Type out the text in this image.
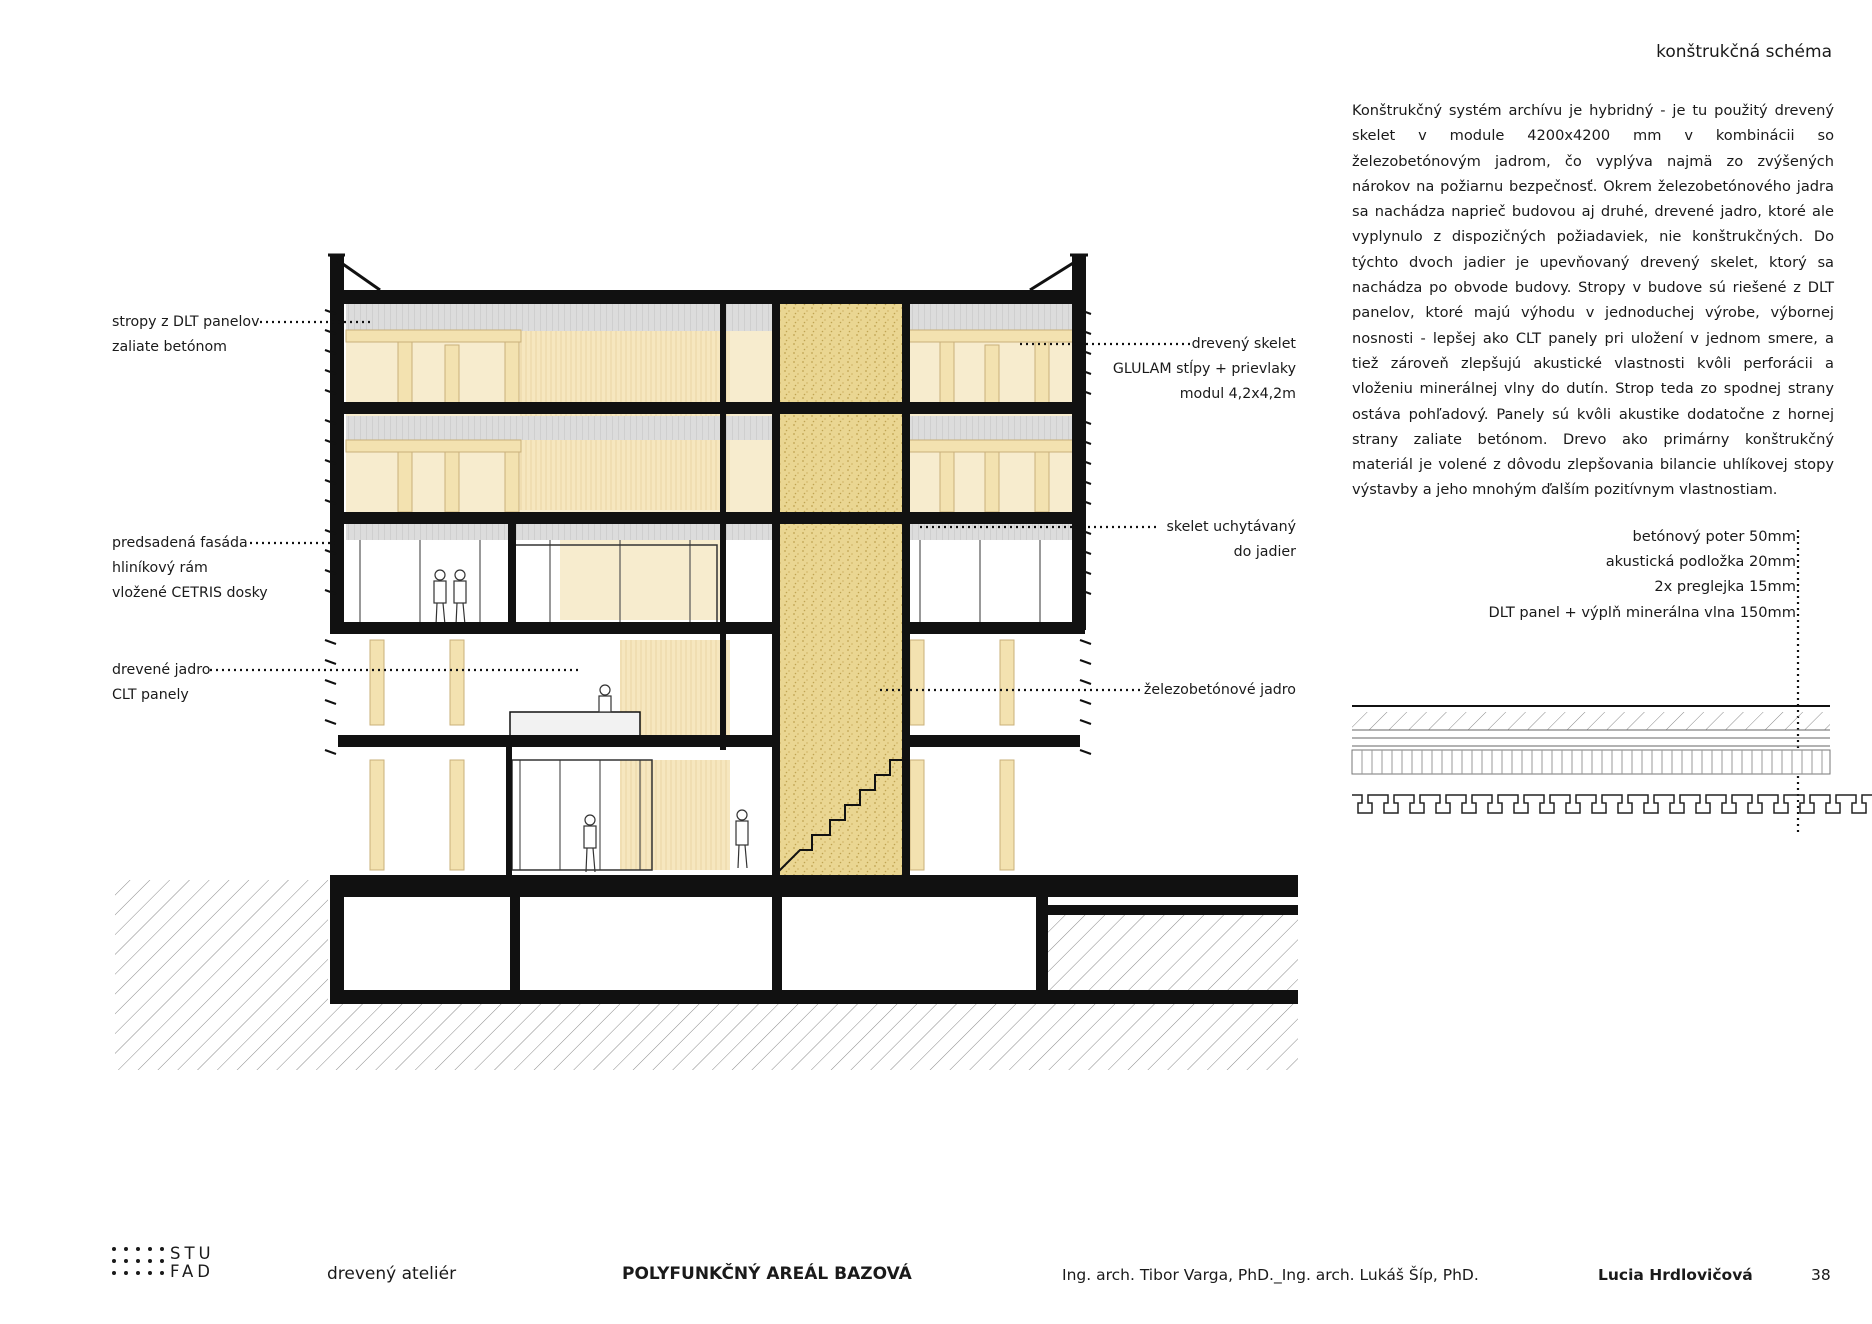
konštrukčná schéma
Konštrukčný systém archívu je hybridný - je tu použitý drevený skelet v module 4200x4200 mm v kombinácii so železobetónovým jadrom, čo vyplýva najmä zo zvýšených nárokov na požiarnu bezpečnosť. Okrem železobetónového jadra sa nachádza naprieč budovou aj druhé, drevené jadro, ktoré ale vyplynulo z dispozičných požiadaviek, nie konštrukčných. Do týchto dvoch jadier je upevňovaný drevený skelet, ktorý sa nachádza po obvode budovy. Stropy v budove sú riešené z DLT panelov, ktoré majú výhodu v jednoduchej výrobe, výbornej nosnosti - lepšej ako CLT panely pri uložení v jednom smere, a tiež zároveň zlepšujú akustické vlastnosti kvôli perforácii a vloženiu minerálnej vlny do dutín. Strop teda zo spodnej strany ostáva pohľadový. Panely sú kvôli akustike dodatočne z hornej strany zaliate betónom. Drevo ako primárny konštrukčný materiál je volené z dôvodu zlepšovania bilancie uhlíkovej stopy výstavby a jeho mnohým ďalším pozitívnym vlastnostiam.
betónový poter 50mm
akustická podložka 20mm
2x preglejka 15mm
DLT panel + výplň minerálna vlna 150mm
stropy z DLT panelov
zaliate betónom
predsadená fasáda
hliníkový rám
vložené CETRIS dosky
drevené jadro
CLT panely
drevený skelet
GLULAM stĺpy + prievlaky
modul 4,2x4,2m
skelet uchytávaný
do jadier
železobetónové jadro
STU
FAD	drevený ateliér	POLYFUNKČNÝ AREÁL BAZOVÁ	Ing. arch. Tibor Varga, PhD._Ing. arch. Lukáš Šíp, PhD.	Lucia Hrdlovičová	38
